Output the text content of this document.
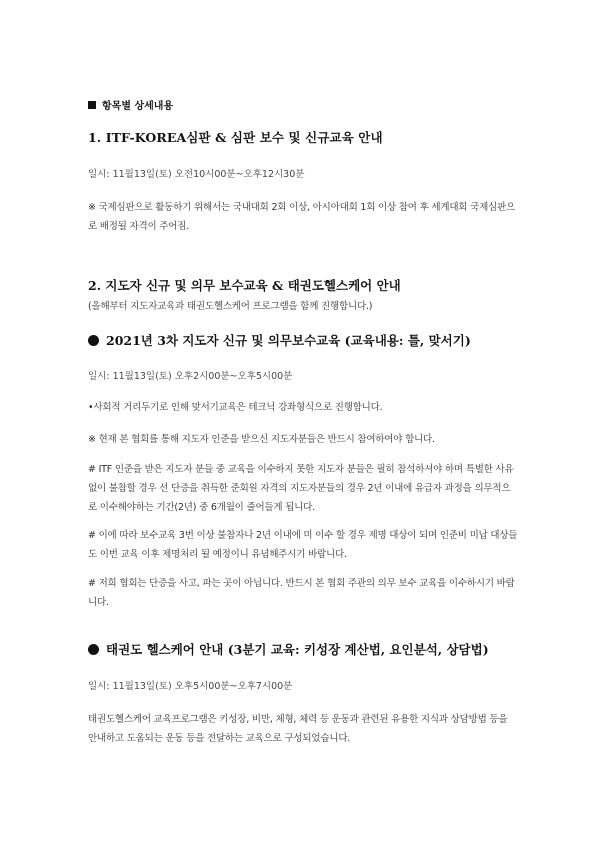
항목별 상세내용
1. ITF-KOREA심판 & 심판 보수 및 신규교육 안내
일시: 11월13일(토) 오전10시00분~오후12시30분
※ 국제심판으로 활동하기 위해서는 국내대회 2회 이상, 아시아대회 1회 이상 참여 후 세계대회 국제심판으로 배정될 자격이 주어짐.
2. 지도자 신규 및 의무 보수교육 & 태권도헬스케어 안내
(올해부터 지도자교육과 태권도헬스케어 프로그램을 함께 진행합니다.)
2021년 3차 지도자 신규 및 의무보수교육 (교육내용: 틀, 맞서기)
일시: 11월13일(토) 오후2시00분~오후5시00분
•사회적 거리두기로 인해 맞서기교육은 테크닉 강좌형식으로 진행합니다.
※ 현재 본 협회를 통해 지도자 인준을 받으신 지도자분들은 반드시 참여하여야 합니다.
# ITF 인준을 받은 지도자 분들 중 교육을 이수하지 못한 지도자 분들은 필히 참석하셔야 하며 특별한 사유 없이 불참할 경우 선 단증을 취득한 준회원 자격의 지도자분들의 경우 2년 이내에 유급자 과정을 의무적으로 이수해야하는 기간(2년) 중 6개월이 줄어들게 됩니다.
# 이에 따라 보수교육 3번 이상 불참자나 2년 이내에 미 이수 할 경우 제명 대상이 되며 인준비 미납 대상들도 이번 교육 이후 제명처리 될 예정이니 유념해주시기 바랍니다.
# 저희 협회는 단증을 사고, 파는 곳이 아닙니다. 반드시 본 협회 주관의 의무 보수 교육을 이수하시기 바랍니다.
태권도 헬스케어 안내 (3분기 교육: 키성장 계산법, 요인분석, 상담법)
일시: 11월13일(토) 오후5시00분~오후7시00분
태권도헬스케어 교육프로그램은 키성장, 비만, 체형, 체력 등 운동과 관련된 유용한 지식과 상담방법 등을 안내하고 도움되는 운동 등을 전달하는 교육으로 구성되었습니다.
